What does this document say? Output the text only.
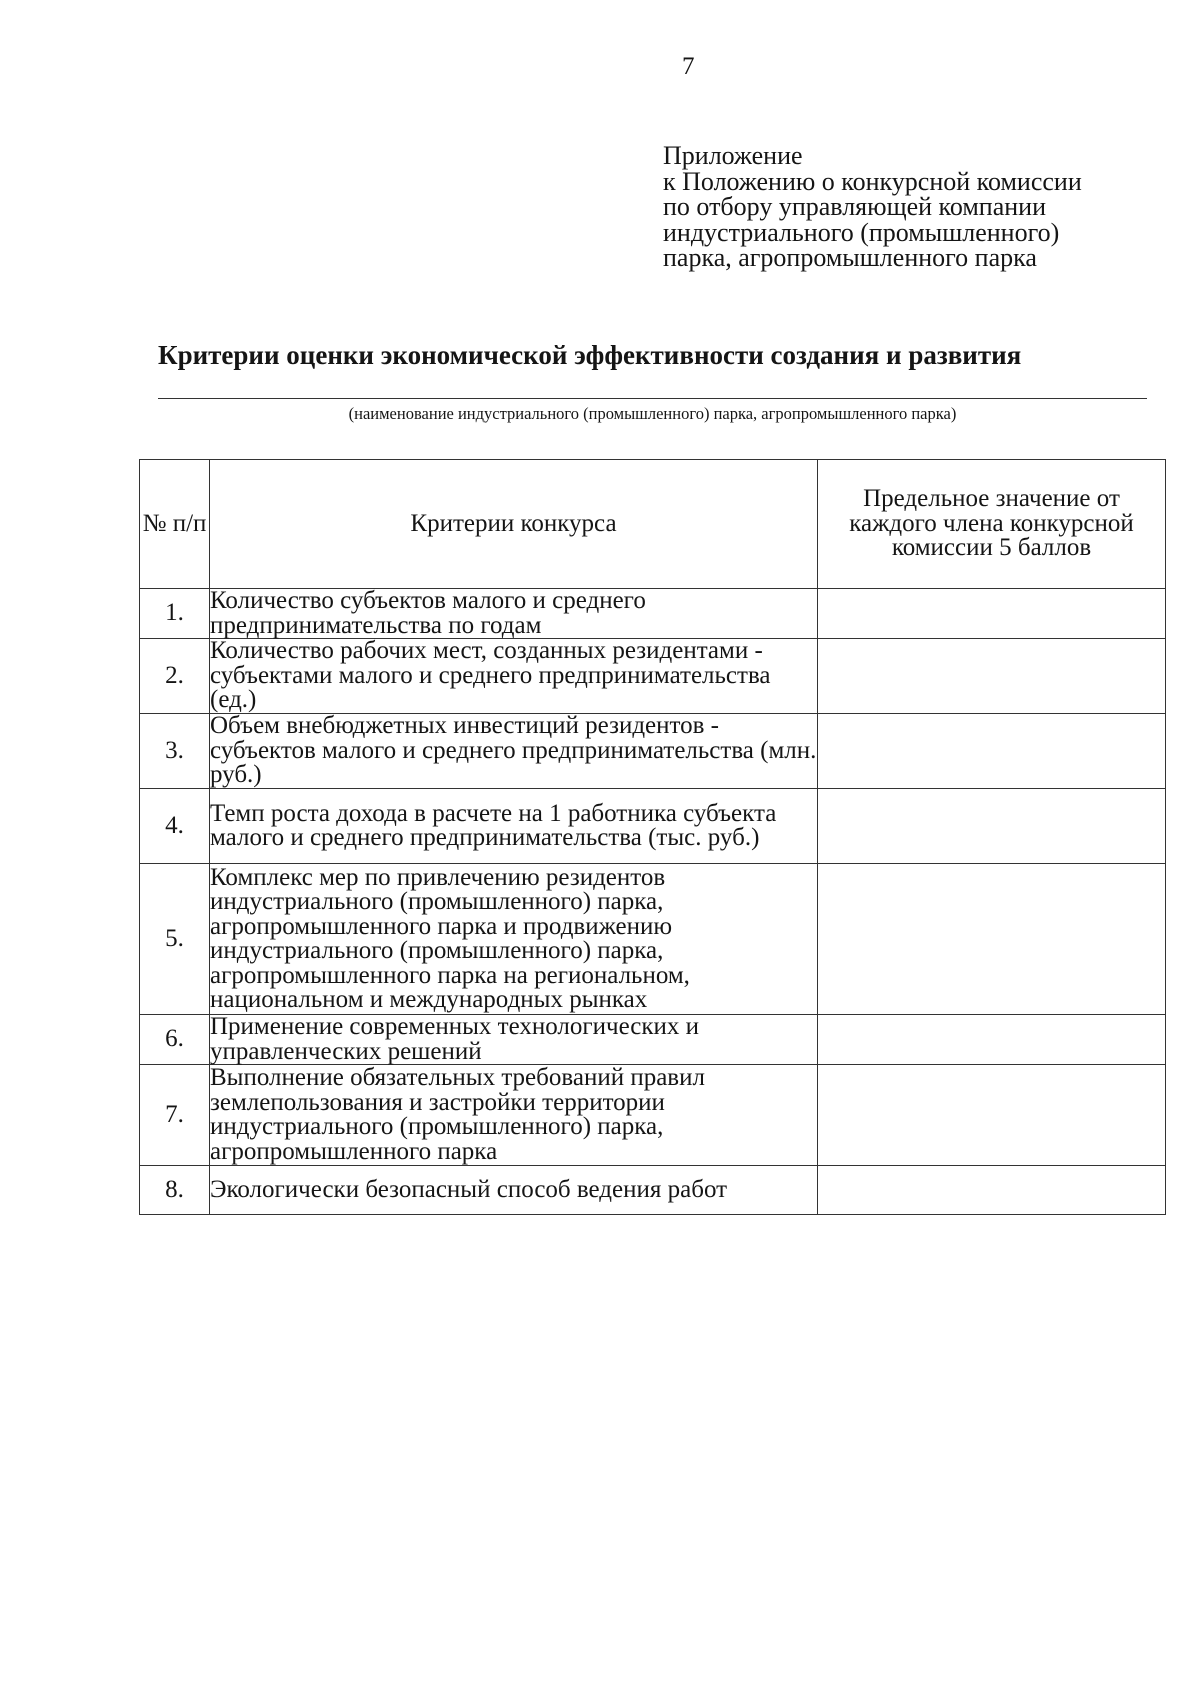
7
Приложение
к Положению о конкурсной комиссии
по отбору управляющей компании
индустриального (промышленного)
парка, агропромышленного парка
Критерии оценки экономической эффективности создания и развития
(наименование индустриального (промышленного) парка, агропромышленного парка)
№ п/п	Критерии конкурса	Предельное значение от каждого члена конкурсной комиссии 5 баллов
1.	Количество субъектов малого и среднего предпринимательства по годам	
2.	Количество рабочих мест, созданных резидентами - субъектами малого и среднего предпринимательства (ед.)	
3.	Объем внебюджетных инвестиций резидентов - субъектов малого и среднего предпринимательства (млн. руб.)	
4.	Темп роста дохода в расчете на 1 работника субъекта малого и среднего предпринимательства (тыс. руб.)	
5.	Комплекс мер по привлечению резидентов индустриального (промышленного) парка, агропромышленного парка и продвижению индустриального (промышленного) парка, агропромышленного парка на региональном, национальном и международных рынках	
6.	Применение современных технологических и управленческих решений	
7.	Выполнение обязательных требований правил землепользования и застройки территории индустриального (промышленного) парка, агропромышленного парка	
8.	Экологически безопасный способ ведения работ	
